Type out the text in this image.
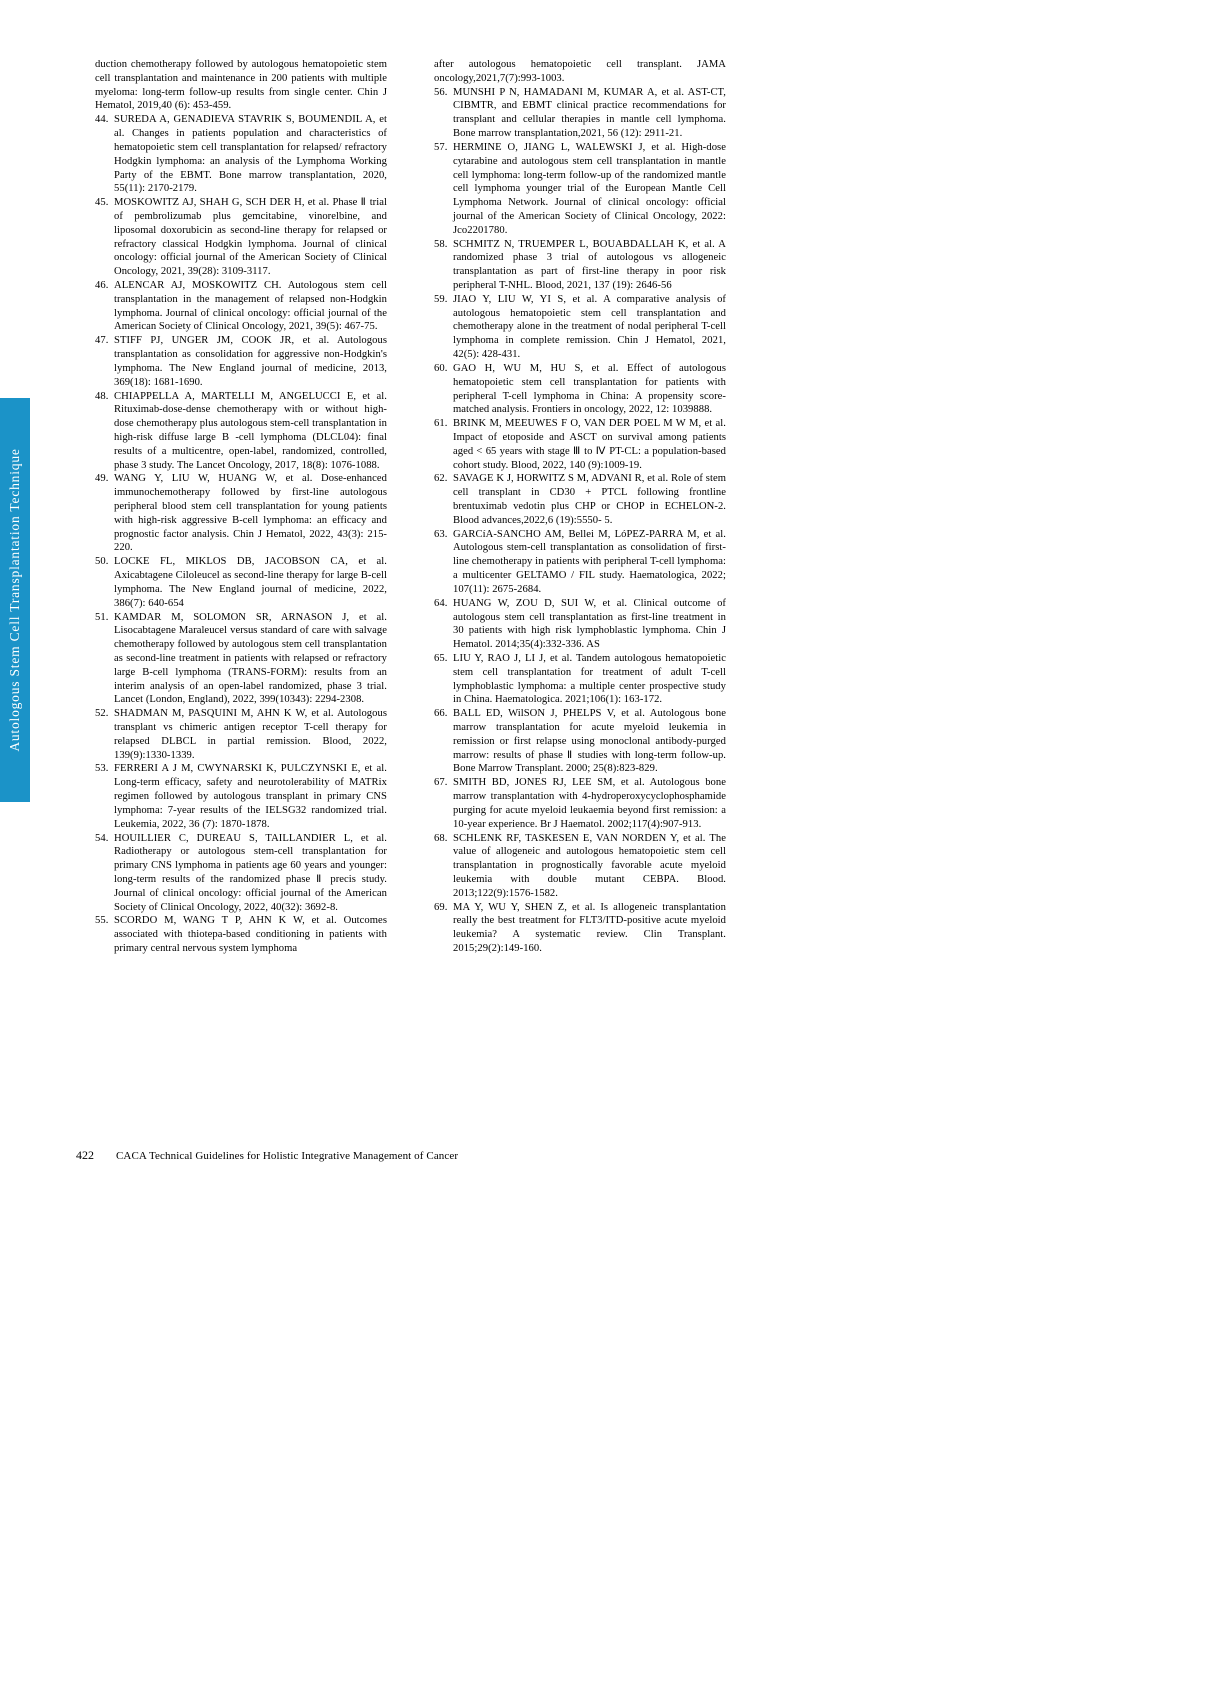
Autologous Stem Cell Transplantation Technique
duction chemotherapy followed by autologous hematopoietic stem cell transplantation and maintenance in 200 patients with multiple myeloma: long-term follow-up results from single center. Chin J Hematol, 2019,40 (6): 453-459.
44. SUREDA A, GENADIEVA STAVRIK S, BOUMENDIL A, et al. Changes in patients population and characteristics of hematopoietic stem cell transplantation for relapsed/ refractory Hodgkin lymphoma: an analysis of the Lymphoma Working Party of the EBMT. Bone marrow transplantation, 2020, 55(11): 2170-2179.
45. MOSKOWITZ AJ, SHAH G, SCH DER H, et al. Phase Ⅱ trial of pembrolizumab plus gemcitabine, vinorelbine, and liposomal doxorubicin as second-line therapy for relapsed or refractory classical Hodgkin lymphoma. Journal of clinical oncology: official journal of the American Society of Clinical Oncology, 2021, 39(28): 3109-3117.
46. ALENCAR AJ, MOSKOWITZ CH. Autologous stem cell transplantation in the management of relapsed non-Hodgkin lymphoma. Journal of clinical oncology: official journal of the American Society of Clinical Oncology, 2021, 39(5): 467-75.
47. STIFF PJ, UNGER JM, COOK JR, et al. Autologous transplantation as consolidation for aggressive non-Hodgkin's lymphoma. The New England journal of medicine, 2013, 369(18): 1681-1690.
48. CHIAPPELLA A, MARTELLI M, ANGELUCCI E, et al. Rituximab-dose-dense chemotherapy with or without high-dose chemotherapy plus autologous stem-cell transplantation in high-risk diffuse large B -cell lymphoma (DLCL04): final results of a multicentre, open-label, randomized, controlled, phase 3 study. The Lancet Oncology, 2017, 18(8): 1076-1088.
49. WANG Y, LIU W, HUANG W, et al. Dose-enhanced immunochemotherapy followed by first-line autologous peripheral blood stem cell transplantation for young patients with high-risk aggressive B-cell lymphoma: an efficacy and prognostic factor analysis. Chin J Hematol, 2022, 43(3): 215-220.
50. LOCKE FL, MIKLOS DB, JACOBSON CA, et al. Axicabtagene Ciloleucel as second-line therapy for large B-cell lymphoma. The New England journal of medicine, 2022, 386(7): 640-654
51. KAMDAR M, SOLOMON SR, ARNASON J, et al. Lisocabtagene Maraleucel versus standard of care with salvage chemotherapy followed by autologous stem cell transplantation as second-line treatment in patients with relapsed or refractory large B-cell lymphoma (TRANS-FORM): results from an interim analysis of an open-label randomized, phase 3 trial. Lancet (London, England), 2022, 399(10343): 2294-2308.
52. SHADMAN M, PASQUINI M, AHN K W, et al. Autologous transplant vs chimeric antigen receptor T-cell therapy for relapsed DLBCL in partial remission. Blood, 2022, 139(9):1330-1339.
53. FERRERI A J M, CWYNARSKI K, PULCZYNSKI E, et al. Long-term efficacy, safety and neurotolerability of MATRix regimen followed by autologous transplant in primary CNS lymphoma: 7-year results of the IELSG32 randomized trial. Leukemia, 2022, 36 (7): 1870-1878.
54. HOUILLIER C, DUREAU S, TAILLANDIER L, et al. Radiotherapy or autologous stem-cell transplantation for primary CNS lymphoma in patients age 60 years and younger: long-term results of the randomized phase Ⅱ precis study. Journal of clinical oncology: official journal of the American Society of Clinical Oncology, 2022, 40(32): 3692-8.
55. SCORDO M, WANG T P, AHN K W, et al. Outcomes associated with thiotepa-based conditioning in patients with primary central nervous system lymphoma
after autologous hematopoietic cell transplant. JAMA oncology,2021,7(7):993-1003.
56. MUNSHI P N, HAMADANI M, KUMAR A, et al. AST-CT, CIBMTR, and EBMT clinical practice recommendations for transplant and cellular therapies in mantle cell lymphoma. Bone marrow transplantation,2021, 56 (12): 2911-21.
57. HERMINE O, JIANG L, WALEWSKI J, et al. High-dose cytarabine and autologous stem cell transplantation in mantle cell lymphoma: long-term follow-up of the randomized mantle cell lymphoma younger trial of the European Mantle Cell Lymphoma Network. Journal of clinical oncology: official journal of the American Society of Clinical Oncology, 2022: Jco2201780.
58. SCHMITZ N, TRUEMPER L, BOUABDALLAH K, et al. A randomized phase 3 trial of autologous vs allogeneic transplantation as part of first-line therapy in poor risk peripheral T-NHL. Blood, 2021, 137 (19): 2646-56
59. JIAO Y, LIU W, YI S, et al. A comparative analysis of autologous hematopoietic stem cell transplantation and chemotherapy alone in the treatment of nodal peripheral T-cell lymphoma in complete remission. Chin J Hematol, 2021, 42(5): 428-431.
60. GAO H, WU M, HU S, et al. Effect of autologous hematopoietic stem cell transplantation for patients with peripheral T-cell lymphoma in China: A propensity score-matched analysis. Frontiers in oncology, 2022, 12: 1039888.
61. BRINK M, MEEUWES F O, VAN DER POEL M W M, et al. Impact of etoposide and ASCT on survival among patients aged < 65 years with stage Ⅲ to Ⅳ PT-CL: a population-based cohort study. Blood, 2022, 140 (9):1009-19.
62. SAVAGE K J, HORWITZ S M, ADVANI R, et al. Role of stem cell transplant in CD30 + PTCL following frontline brentuximab vedotin plus CHP or CHOP in ECHELON-2. Blood advances,2022,6 (19):5550- 5.
63. GARCíA-SANCHO AM, Bellei M, LóPEZ-PARRA M, et al. Autologous stem-cell transplantation as consolidation of first-line chemotherapy in patients with peripheral T-cell lymphoma: a multicenter GELTAMO / FIL study. Haematologica, 2022; 107(11): 2675-2684.
64. HUANG W, ZOU D, SUI W, et al. Clinical outcome of autologous stem cell transplantation as first-line treatment in 30 patients with high risk lymphoblastic lymphoma. Chin J Hematol. 2014;35(4):332-336. AS
65. LIU Y, RAO J, LI J, et al. Tandem autologous hematopoietic stem cell transplantation for treatment of adult T-cell lymphoblastic lymphoma: a multiple center prospective study in China. Haematologica. 2021;106(1): 163-172.
66. BALL ED, WilSON J, PHELPS V, et al. Autologous bone marrow transplantation for acute myeloid leukemia in remission or first relapse using monoclonal antibody-purged marrow: results of phase Ⅱ studies with long-term follow-up. Bone Marrow Transplant. 2000; 25(8):823-829.
67. SMITH BD, JONES RJ, LEE SM, et al. Autologous bone marrow transplantation with 4-hydroperoxycyclophosphamide purging for acute myeloid leukaemia beyond first remission: a 10-year experience. Br J Haematol. 2002;117(4):907-913.
68. SCHLENK RF, TASKESEN E, VAN NORDEN Y, et al. The value of allogeneic and autologous hematopoietic stem cell transplantation in prognostically favorable acute myeloid leukemia with double mutant CEBPA. Blood. 2013;122(9):1576-1582.
69. MA Y, WU Y, SHEN Z, et al. Is allogeneic transplantation really the best treatment for FLT3/ITD-positive acute myeloid leukemia? A systematic review. Clin Transplant. 2015;29(2):149-160.
422 CACA Technical Guidelines for Holistic Integrative Management of Cancer
